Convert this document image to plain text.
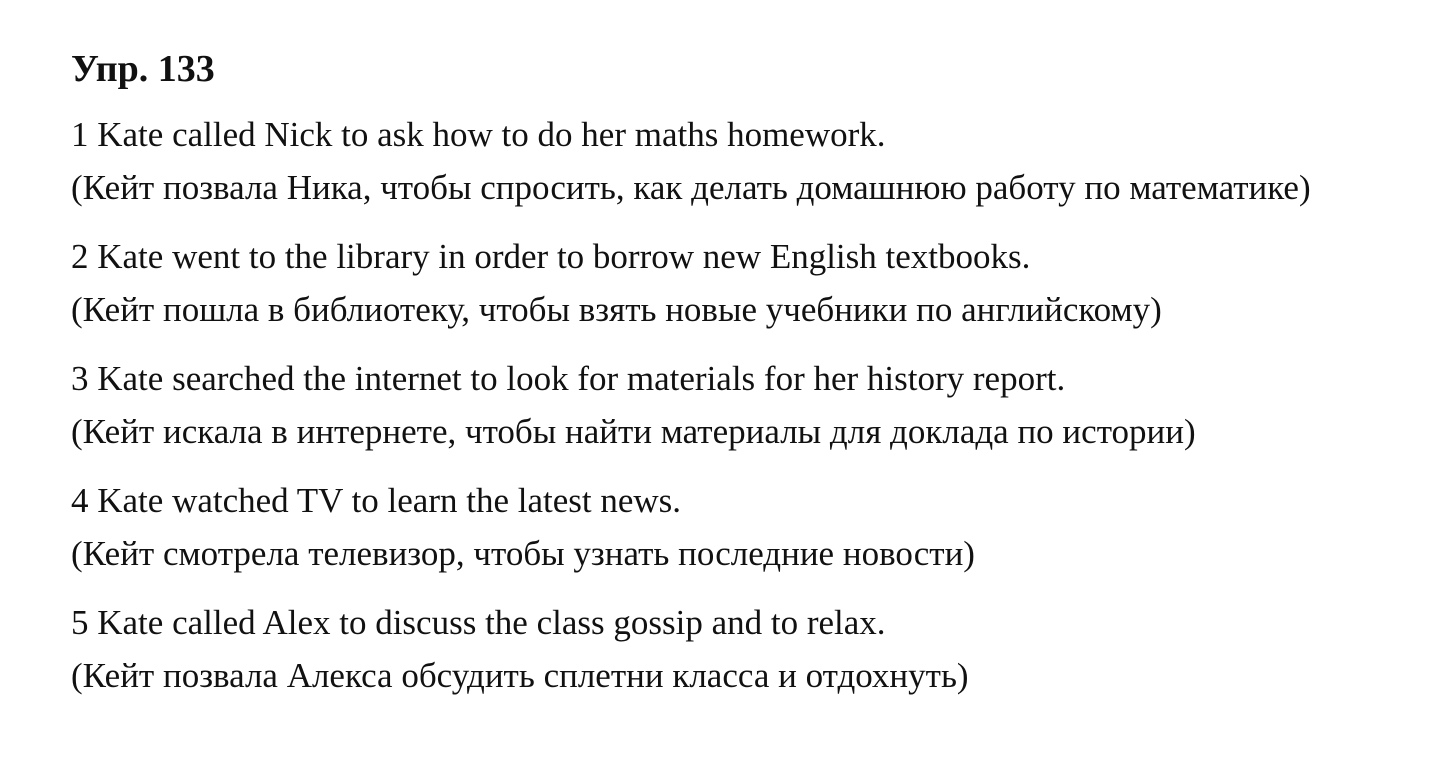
Упр. 133
1 Kate called Nick to ask how to do her maths homework.
(Кейт позвала Ника, чтобы спросить, как делать домашнюю работу по математике)
2 Kate went to the library in order to borrow new English textbooks.
(Кейт пошла в библиотеку, чтобы взять новые учебники по английскому)
3 Kate searched the internet to look for materials for her history report.
(Кейт искала в интернете, чтобы найти материалы для доклада по истории)
4 Kate watched TV to learn the latest news.
(Кейт смотрела телевизор, чтобы узнать последние новости)
5 Kate called Alex to discuss the class gossip and to relax.
(Кейт позвала Алекса обсудить сплетни класса и отдохнуть)
